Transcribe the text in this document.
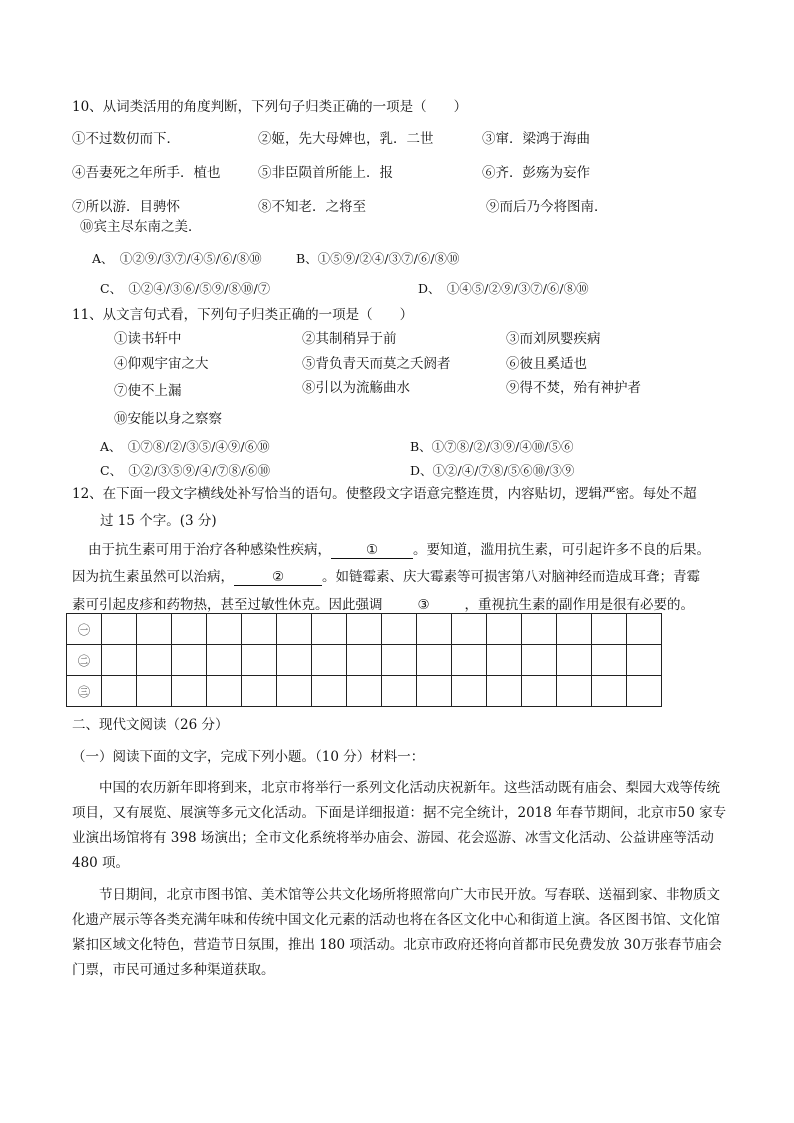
10、从词类活用的角度判断，下列句子归类正确的一项是（　　）
①不过数仞而下．	②姬，先大母婢也，乳．二世	③窜．梁鸿于海曲
④吾妻死之年所手．植也	⑤非臣陨首所能上．报	⑥齐．彭殇为妄作
⑦所以游．目骋怀	⑧不知老．之将至	⑨而后乃今将图南．
⑩宾主尽东南之美．
A、　①②⑨/③⑦/④⑤/⑥/⑧⑩	B、①⑤⑨/②④/③⑦/⑥/⑧⑩
C、　①②④/③⑥/⑤⑨/⑧⑩/⑦	D、　①④⑤/②⑨/③⑦/⑥/⑧⑩
11、从文言句式看，下列句子归类正确的一项是（　　）
①读书轩中	②其制稍异于前	③而刘夙婴疾病
④仰观宇宙之大	⑤背负青天而莫之夭阏者	⑥彼且奚适也
⑦使不上漏	⑧引以为流觞曲水	⑨得不焚，殆有神护者
⑩安能以身之察察
A、　①⑦⑧/②/③⑤/④⑨/⑥⑩	B、①⑦⑧/②/③⑨/④⑩/⑤⑥
C、　①②/③⑤⑨/④/⑦⑧/⑥⑩	D、①②/④/⑦⑧/⑤⑥⑩/③⑨
12、在下面一段文字横线处补写恰当的语句。使整段文字语意完整连贯，内容贴切，逻辑严密。每处不超
过 15 个字。(3 分)
由于抗生素可用于治疗各种感染性疾病，	①	。要知道，滥用抗生素，可引起许多不良的后果。
因为抗生素虽然可以治病，	②	。如链霉素、庆大霉素等可损害第八对脑神经而造成耳聋；青霉
素可引起皮疹和药物热，甚至过敏性休克。因此强调	③	，重视抗生素的副作用是很有必要的。
㊀																
㊁																
㊂																
二、现代文阅读（26 分）
（一）阅读下面的文字，完成下列小题。（10 分）材料一：

中国的农历新年即将到来，北京市将举行一系列文化活动庆祝新年。这些活动既有庙会、梨园大戏等传统项目，又有展览、展演等多元文化活动。下面是详细报道：据不完全统计，2018 年春节期间，北京市50 家专业演出场馆将有 398 场演出；全市文化系统将举办庙会、游园、花会巡游、冰雪文化活动、公益讲座等活动 480 项。

节日期间，北京市图书馆、美术馆等公共文化场所将照常向广大市民开放。写春联、送福到家、非物质文化遗产展示等各类充满年味和传统中国文化元素的活动也将在各区文化中心和街道上演。各区图书馆、文化馆紧扣区域文化特色，营造节日氛围，推出 180 项活动。北京市政府还将向首都市民免费发放 30万张春节庙会门票，市民可通过多种渠道获取。
